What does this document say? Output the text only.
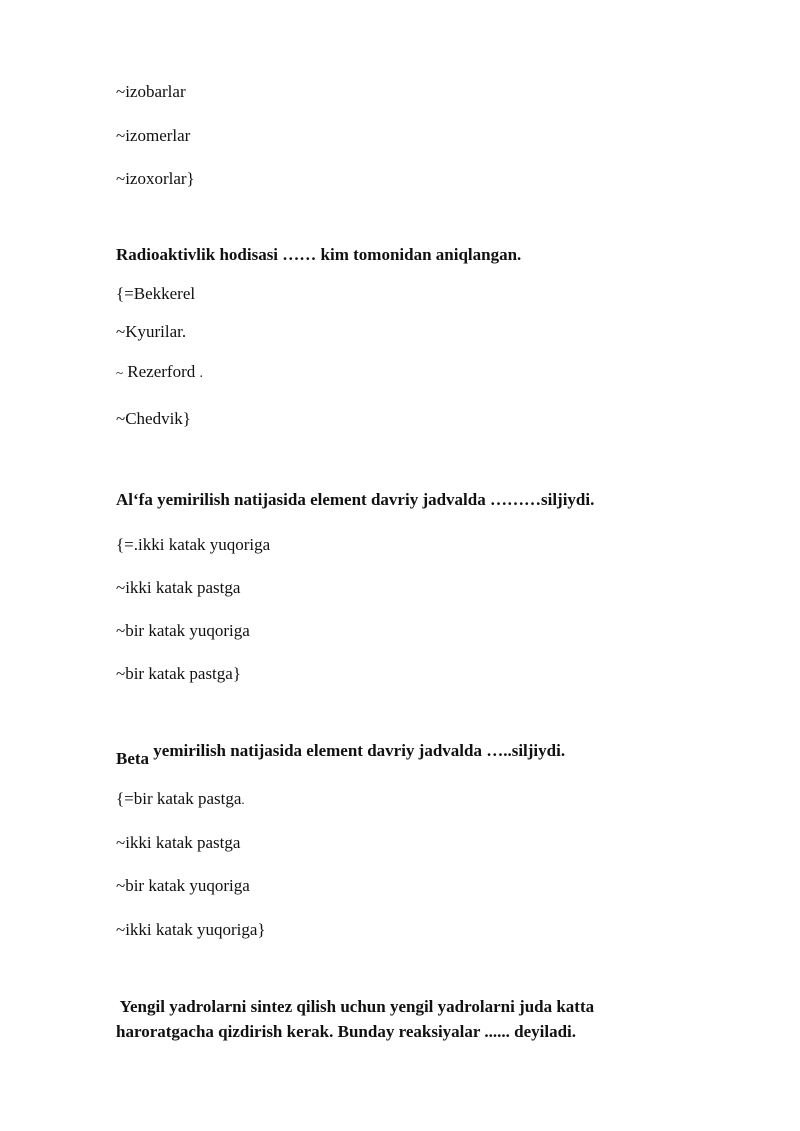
~izobarlar
~izomerlar
~izoxorlar}
Radioaktivlik hodisasi …… kim tomonidan aniqlangan.
{=Bekkerel
~Kyurilar.
~ Rezerford .
~Chedvik}
Al‘fa yemirilish natijasida element davriy jadvalda ………siljiydi.
{=.ikki katak yuqoriga
~ikki katak pastga
~bir katak yuqoriga
~bir katak pastga}
Beta yemirilish natijasida element davriy jadvalda …..siljiydi.
{=bir katak pastga.
~ikki katak pastga
~bir katak yuqoriga
~ikki katak yuqoriga}
Yengil yadrolarni sintez qilish uchun yengil yadrolarni juda katta
haroratgacha qizdirish kerak. Bunday reaksiyalar ...... deyiladi.
